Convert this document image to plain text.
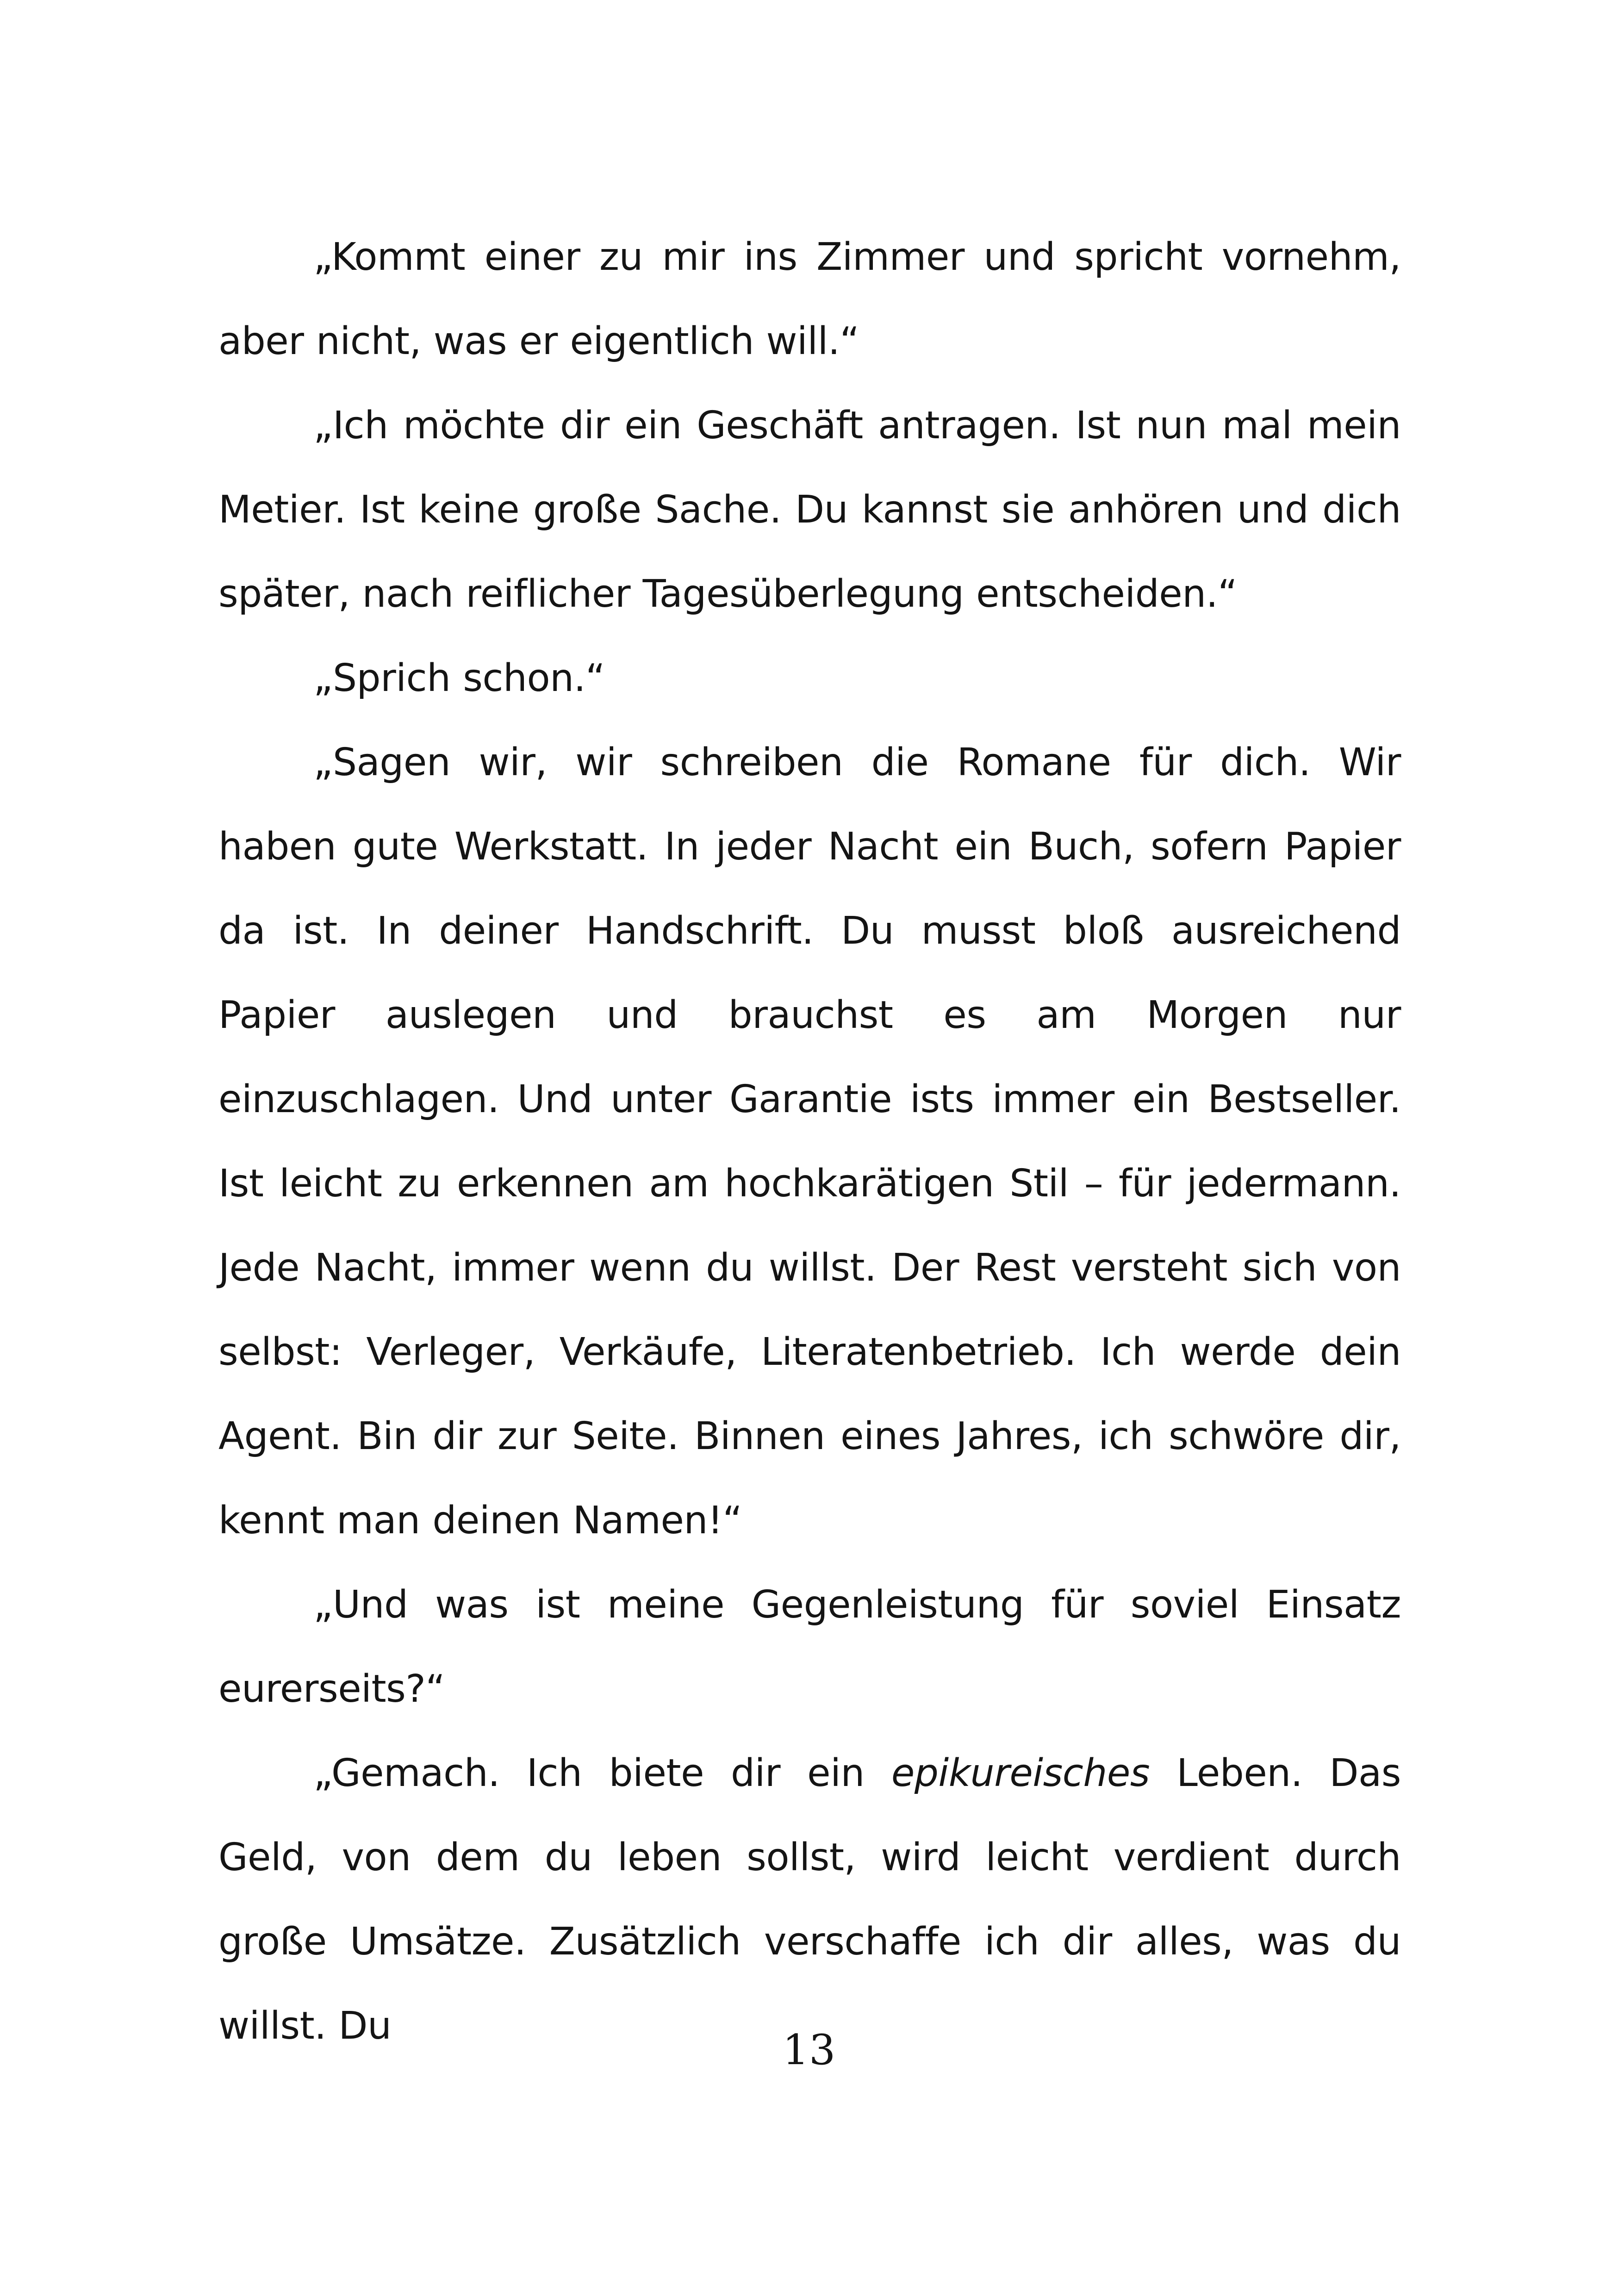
„Kommt einer zu mir ins Zimmer und spricht vornehm, aber nicht, was er eigentlich will.“

„Ich möchte dir ein Geschäft antragen. Ist nun mal mein Metier. Ist keine große Sache. Du kannst sie anhören und dich später, nach reiflicher Tagesüberlegung entscheiden.“

„Sprich schon.“

„Sagen wir, wir schreiben die Romane für dich. Wir haben gute Werkstatt. In jeder Nacht ein Buch, sofern Papier da ist. In deiner Handschrift. Du musst bloß ausreichend Papier auslegen und brauchst es am Morgen nur einzuschlagen. Und unter Garantie ists immer ein Bestseller. Ist leicht zu erkennen am hochkarätigen Stil – für jedermann. Jede Nacht, immer wenn du willst. Der Rest versteht sich von selbst: Verleger, Verkäufe, Literatenbetrieb. Ich werde dein Agent. Bin dir zur Seite. Binnen eines Jahres, ich schwöre dir, kennt man deinen Namen!“

„Und was ist meine Gegenleistung für soviel Einsatz eurerseits?“

„Gemach. Ich biete dir ein epikureisches Leben. Das Geld, von dem du leben sollst, wird leicht verdient durch große Umsätze. Zusätzlich verschaffe ich dir alles, was du willst. Du	13
